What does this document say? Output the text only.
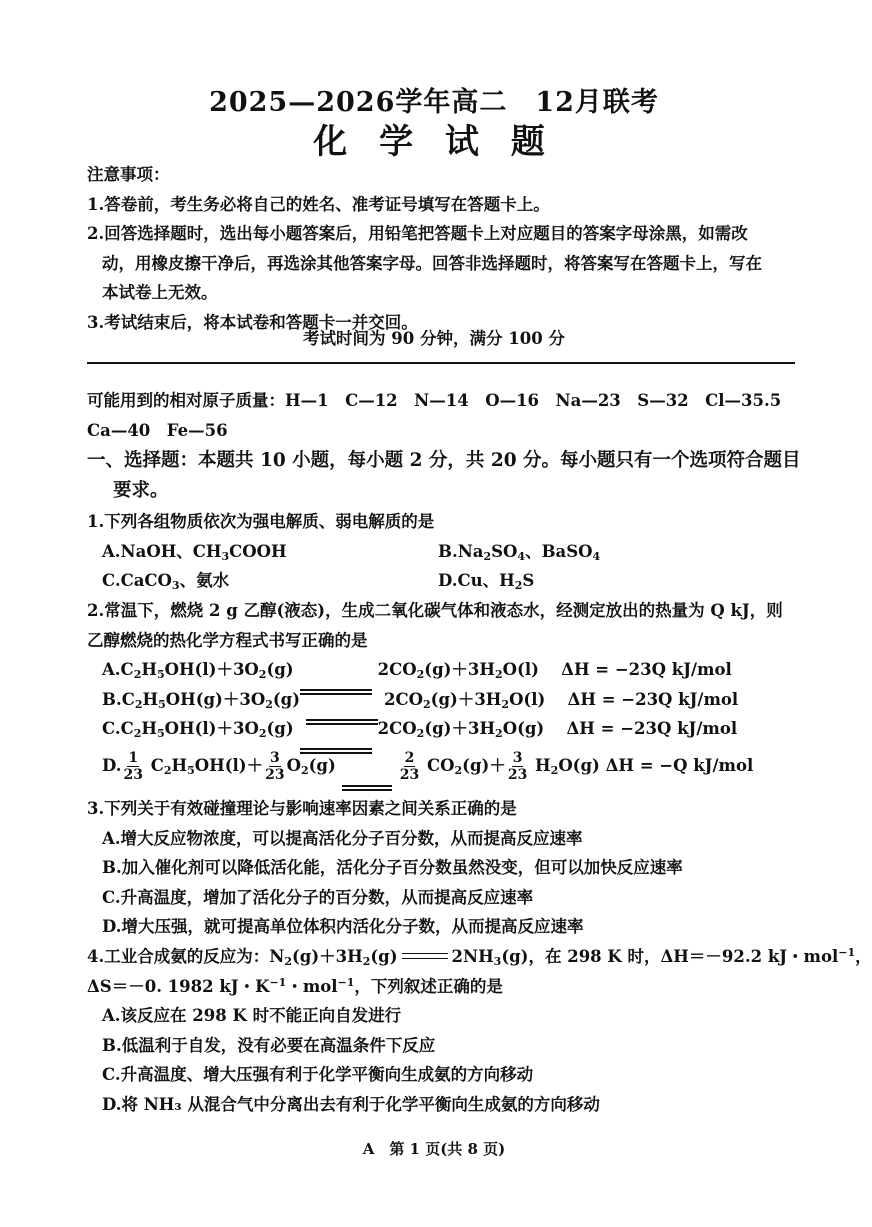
2025—2026学年高二　12月联考
化 学 试 题
注意事项：
1.答卷前，考生务必将自己的姓名、准考证号填写在答题卡上。
2.回答选择题时，选出每小题答案后，用铅笔把答题卡上对应题目的答案字母涂黑，如需改
动，用橡皮擦干净后，再选涂其他答案字母。回答非选择题时，将答案写在答题卡上，写在
本试卷上无效。
3.考试结束后，将本试卷和答题卡一并交回。
考试时间为 90 分钟，满分 100 分
可能用到的相对原子质量：H—1　C—12　N—14　O—16　Na—23　S—32　Cl—35.5
Ca—40　Fe—56
一、选择题：本题共 10 小题，每小题 2 分，共 20 分。每小题只有一个选项符合题目
要求。
1.下列各组物质依次为强电解质、弱电解质的是
A.NaOH、$CH_3COOH$	$B.Na_2SO_4$、BaSO$_4$
C.CaCO$_3$、氨水	D.Cu、$H_2S$
2.常温下，燃烧 2 g 乙醇(液态)，生成二氧化碳气体和液态水，经测定放出的热量为 Q kJ，则
乙醇燃烧的热化学方程式书写正确的是
$A.C_2H_5OH(l)+3O_2(g)$	$2CO_2(g)+3H_2O(l)$　 ΔH = −23Q kJ/mol
$B.C_2H_5OH(g)+3O_2(g)$	$2CO_2(g)+3H_2O(l)$　 ΔH = −23Q kJ/mol
$C.C_2H_5OH(l)+3O_2(g)$	$2CO_2(g)+3H_2O(g)$　 ΔH = −23Q kJ/mol
D. $\frac{1}{23} C_2H_5OH(l)+ \frac{3}{23} O_2(g)$	$\frac{2}{23} CO_2(g)+ \frac{3}{23} H_2O(g) \Delta H = -Q$ kJ/mol
3.下列关于有效碰撞理论与影响速率因素之间关系正确的是
A.增大反应物浓度，可以提高活化分子百分数，从而提高反应速率
B.加入催化剂可以降低活化能，活化分子百分数虽然没变，但可以加快反应速率
C.升高温度，增加了活化分子的百分数，从而提高反应速率
D.增大压强，就可提高单位体积内活化分子数，从而提高反应速率
4.工业合成氨的反应为：$N_2(g)+3H_2(g)$	$2NH_3(g)$，在 298 K 时，ΔH＝－92.2 kJ・mol$^{-1}$，
ΔS＝－0. 1982 kJ・$K^{-1}$・mol$^{-1}$，下列叙述正确的是
A.该反应在 298 K 时不能正向自发进行
B.低温利于自发，没有必要在高温条件下反应
C.升高温度、增大压强有利于化学平衡向生成氨的方向移动
D.将 NH₃ 从混合气中分离出去有利于化学平衡向生成氨的方向移动
A　第 1 页(共 8 页)
